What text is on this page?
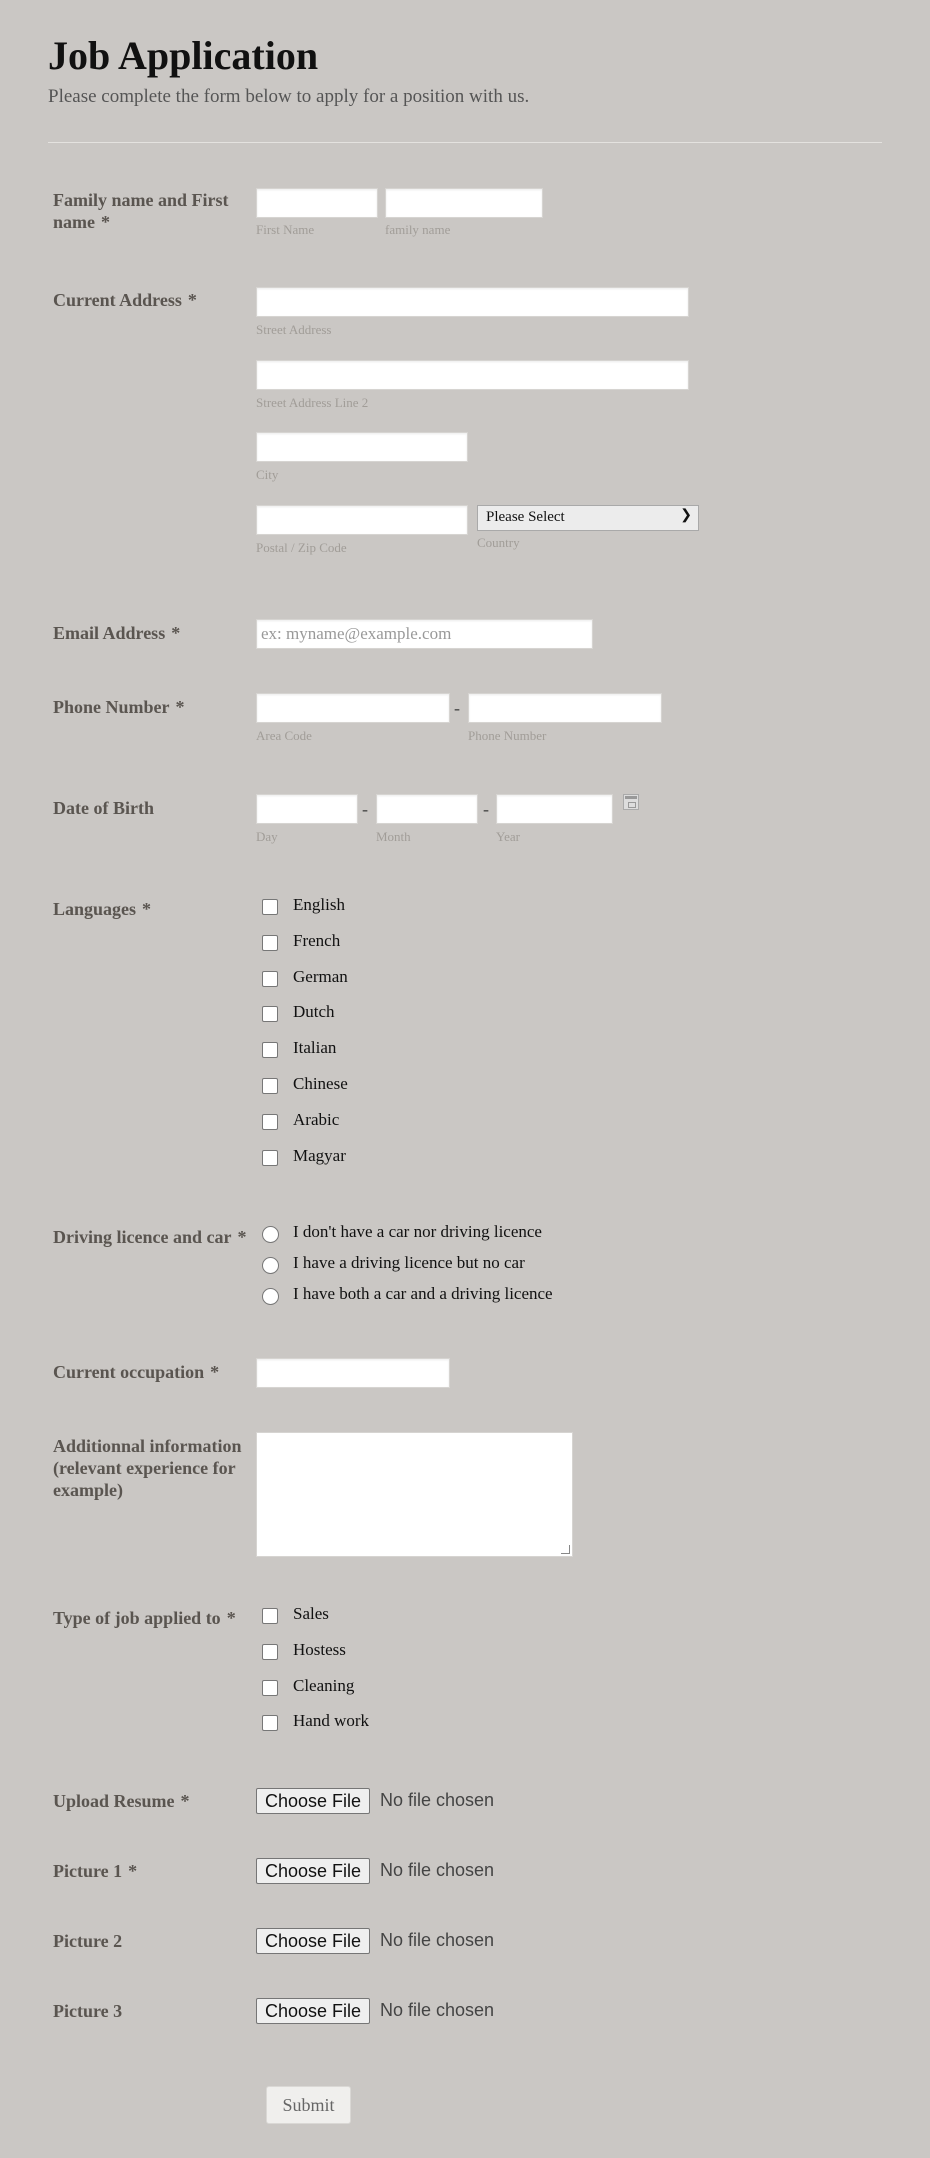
Job Application
Please complete the form below to apply for a position with us.
Family name and First name *	First Name	family name
Current Address *
Street Address
Street Address Line 2
City
Postal / Zip Code
Please Select	❯
Country
Email Address *	ex: myname@example.com
Phone Number *	-
Area Code	Phone Number
Date of Birth
Day
-
Month
-
Year
Languages *	English
French
German
Dutch
Italian
Chinese
Arabic
Magyar
Driving licence and car *	I don't have a car nor driving licence
I have a driving licence but no car
I have both a car and a driving licence
Current occupation *
Additionnal information (relevant experience for example)
Type of job applied to *	Sales
Hostess
Cleaning
Hand work
Upload Resume *	Choose File	No file chosen
Picture 1 *	Choose File	No file chosen
Picture 2	Choose File	No file chosen
Picture 3	Choose File	No file chosen
Submit
